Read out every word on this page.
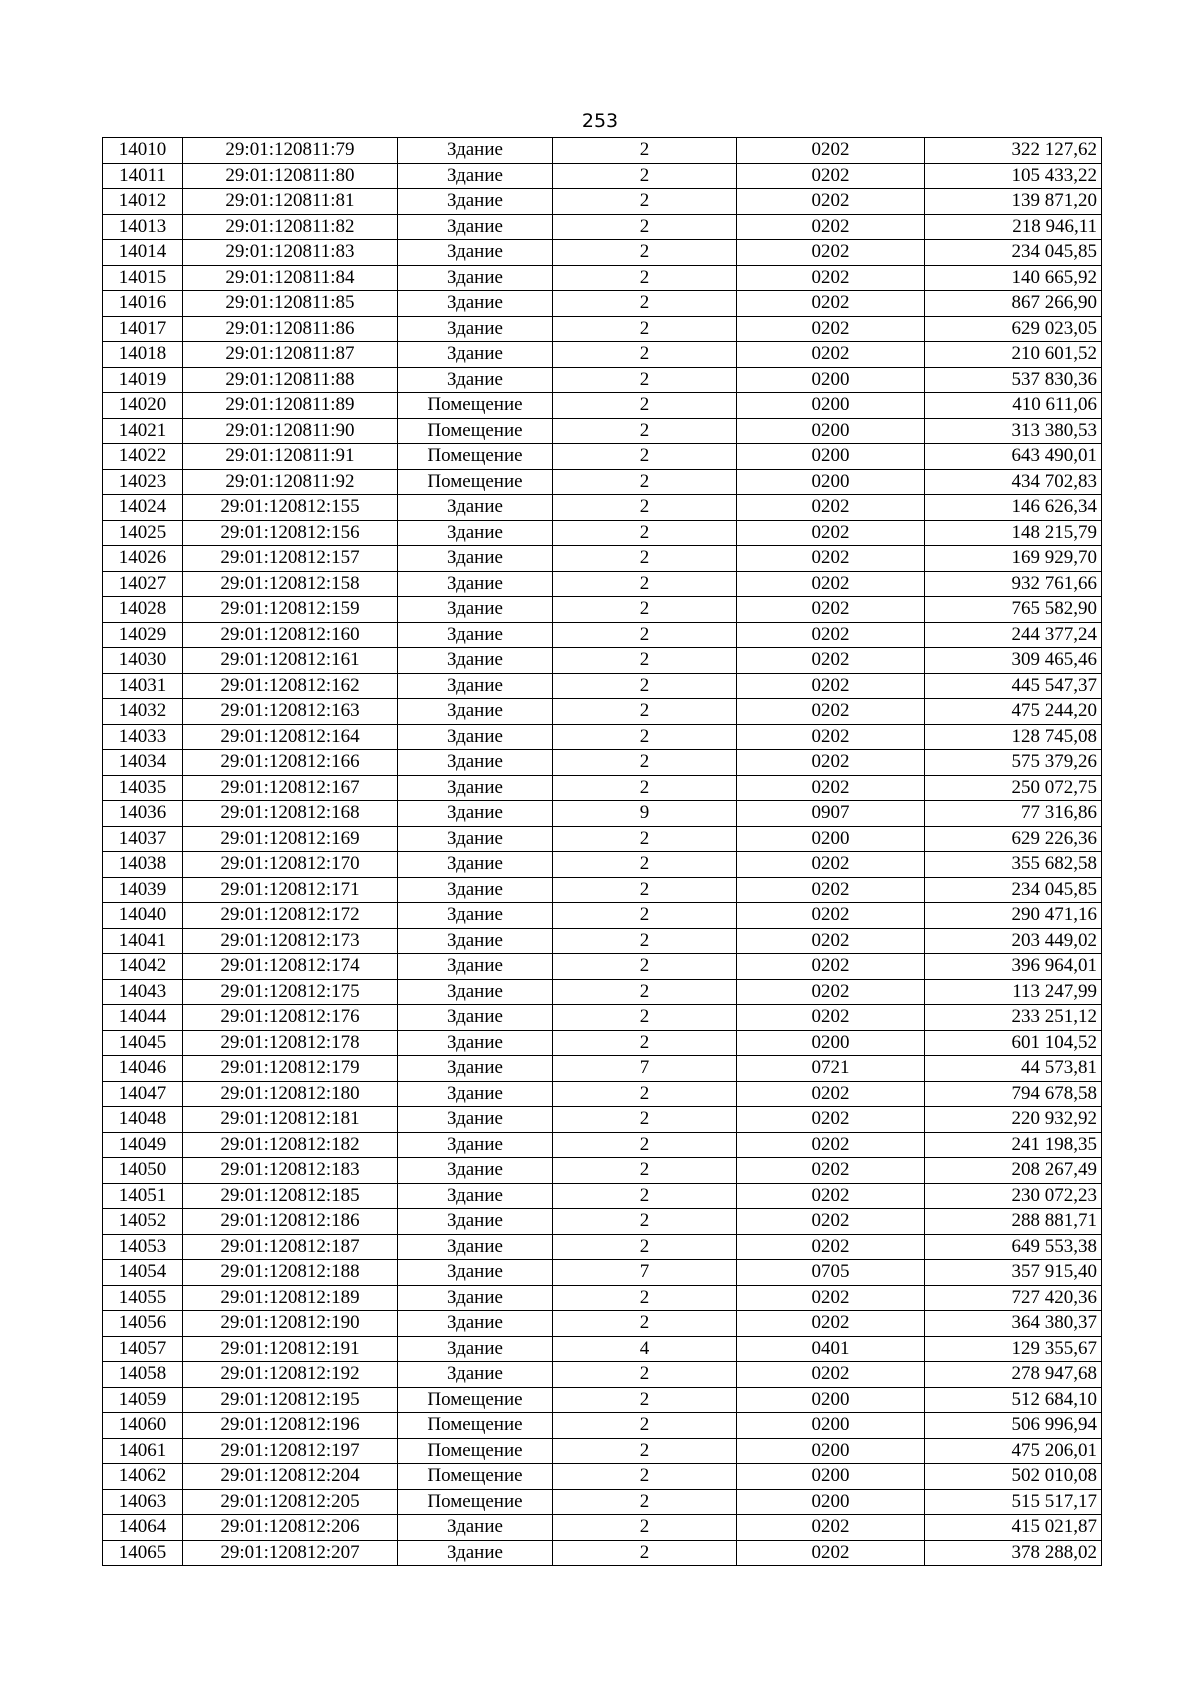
253
14010	29:01:120811:79	Здание	2	0202	322 127,62
14011	29:01:120811:80	Здание	2	0202	105 433,22
14012	29:01:120811:81	Здание	2	0202	139 871,20
14013	29:01:120811:82	Здание	2	0202	218 946,11
14014	29:01:120811:83	Здание	2	0202	234 045,85
14015	29:01:120811:84	Здание	2	0202	140 665,92
14016	29:01:120811:85	Здание	2	0202	867 266,90
14017	29:01:120811:86	Здание	2	0202	629 023,05
14018	29:01:120811:87	Здание	2	0202	210 601,52
14019	29:01:120811:88	Здание	2	0200	537 830,36
14020	29:01:120811:89	Помещение	2	0200	410 611,06
14021	29:01:120811:90	Помещение	2	0200	313 380,53
14022	29:01:120811:91	Помещение	2	0200	643 490,01
14023	29:01:120811:92	Помещение	2	0200	434 702,83
14024	29:01:120812:155	Здание	2	0202	146 626,34
14025	29:01:120812:156	Здание	2	0202	148 215,79
14026	29:01:120812:157	Здание	2	0202	169 929,70
14027	29:01:120812:158	Здание	2	0202	932 761,66
14028	29:01:120812:159	Здание	2	0202	765 582,90
14029	29:01:120812:160	Здание	2	0202	244 377,24
14030	29:01:120812:161	Здание	2	0202	309 465,46
14031	29:01:120812:162	Здание	2	0202	445 547,37
14032	29:01:120812:163	Здание	2	0202	475 244,20
14033	29:01:120812:164	Здание	2	0202	128 745,08
14034	29:01:120812:166	Здание	2	0202	575 379,26
14035	29:01:120812:167	Здание	2	0202	250 072,75
14036	29:01:120812:168	Здание	9	0907	77 316,86
14037	29:01:120812:169	Здание	2	0200	629 226,36
14038	29:01:120812:170	Здание	2	0202	355 682,58
14039	29:01:120812:171	Здание	2	0202	234 045,85
14040	29:01:120812:172	Здание	2	0202	290 471,16
14041	29:01:120812:173	Здание	2	0202	203 449,02
14042	29:01:120812:174	Здание	2	0202	396 964,01
14043	29:01:120812:175	Здание	2	0202	113 247,99
14044	29:01:120812:176	Здание	2	0202	233 251,12
14045	29:01:120812:178	Здание	2	0200	601 104,52
14046	29:01:120812:179	Здание	7	0721	44 573,81
14047	29:01:120812:180	Здание	2	0202	794 678,58
14048	29:01:120812:181	Здание	2	0202	220 932,92
14049	29:01:120812:182	Здание	2	0202	241 198,35
14050	29:01:120812:183	Здание	2	0202	208 267,49
14051	29:01:120812:185	Здание	2	0202	230 072,23
14052	29:01:120812:186	Здание	2	0202	288 881,71
14053	29:01:120812:187	Здание	2	0202	649 553,38
14054	29:01:120812:188	Здание	7	0705	357 915,40
14055	29:01:120812:189	Здание	2	0202	727 420,36
14056	29:01:120812:190	Здание	2	0202	364 380,37
14057	29:01:120812:191	Здание	4	0401	129 355,67
14058	29:01:120812:192	Здание	2	0202	278 947,68
14059	29:01:120812:195	Помещение	2	0200	512 684,10
14060	29:01:120812:196	Помещение	2	0200	506 996,94
14061	29:01:120812:197	Помещение	2	0200	475 206,01
14062	29:01:120812:204	Помещение	2	0200	502 010,08
14063	29:01:120812:205	Помещение	2	0200	515 517,17
14064	29:01:120812:206	Здание	2	0202	415 021,87
14065	29:01:120812:207	Здание	2	0202	378 288,02
